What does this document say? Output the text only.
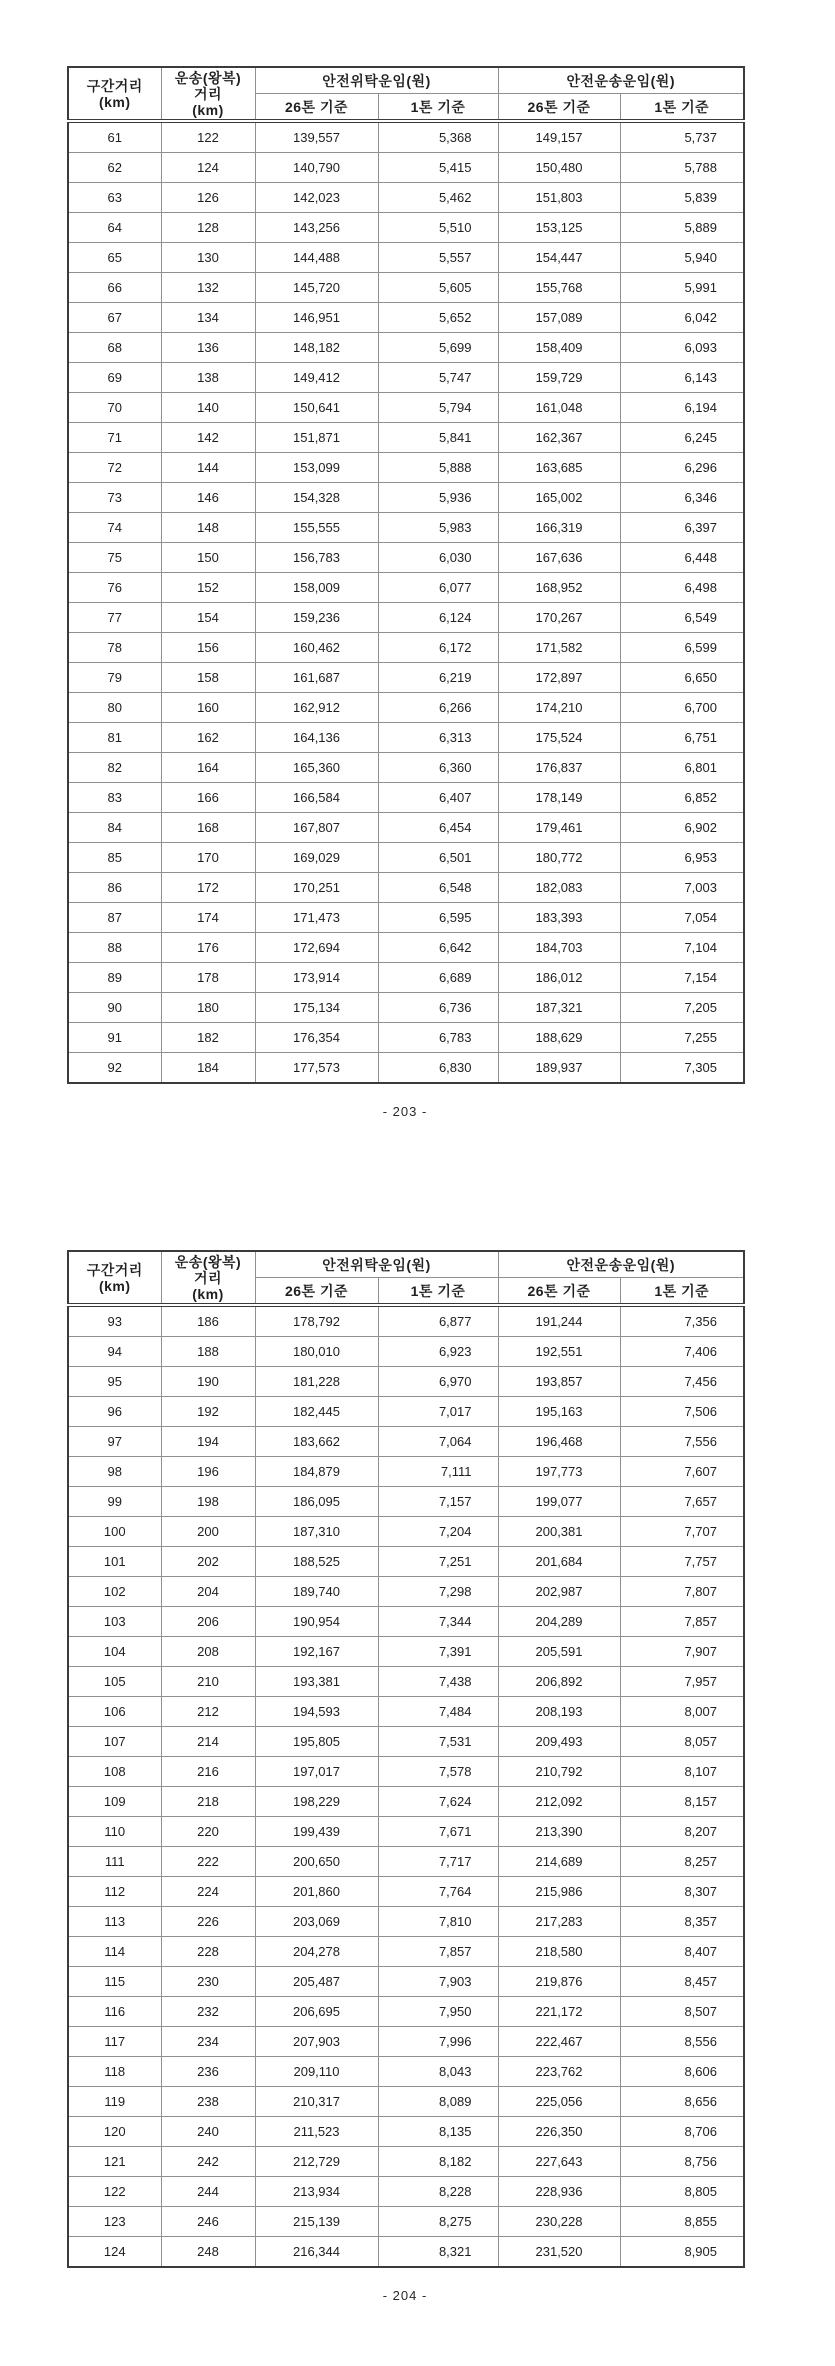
구간거리
(km)

운송(왕복)
거리
(km)
	안전위탁운임(원)	안전운송운임(원)
		26톤 기준	1톤 기준	26톤 기준	1톤 기준
61	122	139,557	5,368	149,157	5,737
62	124	140,790	5,415	150,480	5,788
63	126	142,023	5,462	151,803	5,839
64	128	143,256	5,510	153,125	5,889
65	130	144,488	5,557	154,447	5,940
66	132	145,720	5,605	155,768	5,991
67	134	146,951	5,652	157,089	6,042
68	136	148,182	5,699	158,409	6,093
69	138	149,412	5,747	159,729	6,143
70	140	150,641	5,794	161,048	6,194
71	142	151,871	5,841	162,367	6,245
72	144	153,099	5,888	163,685	6,296
73	146	154,328	5,936	165,002	6,346
74	148	155,555	5,983	166,319	6,397
75	150	156,783	6,030	167,636	6,448
76	152	158,009	6,077	168,952	6,498
77	154	159,236	6,124	170,267	6,549
78	156	160,462	6,172	171,582	6,599
79	158	161,687	6,219	172,897	6,650
80	160	162,912	6,266	174,210	6,700
81	162	164,136	6,313	175,524	6,751
82	164	165,360	6,360	176,837	6,801
83	166	166,584	6,407	178,149	6,852
84	168	167,807	6,454	179,461	6,902
85	170	169,029	6,501	180,772	6,953
86	172	170,251	6,548	182,083	7,003
87	174	171,473	6,595	183,393	7,054
88	176	172,694	6,642	184,703	7,104
89	178	173,914	6,689	186,012	7,154
90	180	175,134	6,736	187,321	7,205
91	182	176,354	6,783	188,629	7,255
92	184	177,573	6,830	189,937	7,305
- 203 -
구간거리
(km)

운송(왕복)
거리
(km)
	안전위탁운임(원)	안전운송운임(원)
		26톤 기준	1톤 기준	26톤 기준	1톤 기준
93	186	178,792	6,877	191,244	7,356
94	188	180,010	6,923	192,551	7,406
95	190	181,228	6,970	193,857	7,456
96	192	182,445	7,017	195,163	7,506
97	194	183,662	7,064	196,468	7,556
98	196	184,879	7,111	197,773	7,607
99	198	186,095	7,157	199,077	7,657
100	200	187,310	7,204	200,381	7,707
101	202	188,525	7,251	201,684	7,757
102	204	189,740	7,298	202,987	7,807
103	206	190,954	7,344	204,289	7,857
104	208	192,167	7,391	205,591	7,907
105	210	193,381	7,438	206,892	7,957
106	212	194,593	7,484	208,193	8,007
107	214	195,805	7,531	209,493	8,057
108	216	197,017	7,578	210,792	8,107
109	218	198,229	7,624	212,092	8,157
110	220	199,439	7,671	213,390	8,207
111	222	200,650	7,717	214,689	8,257
112	224	201,860	7,764	215,986	8,307
113	226	203,069	7,810	217,283	8,357
114	228	204,278	7,857	218,580	8,407
115	230	205,487	7,903	219,876	8,457
116	232	206,695	7,950	221,172	8,507
117	234	207,903	7,996	222,467	8,556
118	236	209,110	8,043	223,762	8,606
119	238	210,317	8,089	225,056	8,656
120	240	211,523	8,135	226,350	8,706
121	242	212,729	8,182	227,643	8,756
122	244	213,934	8,228	228,936	8,805
123	246	215,139	8,275	230,228	8,855
124	248	216,344	8,321	231,520	8,905
- 204 -
